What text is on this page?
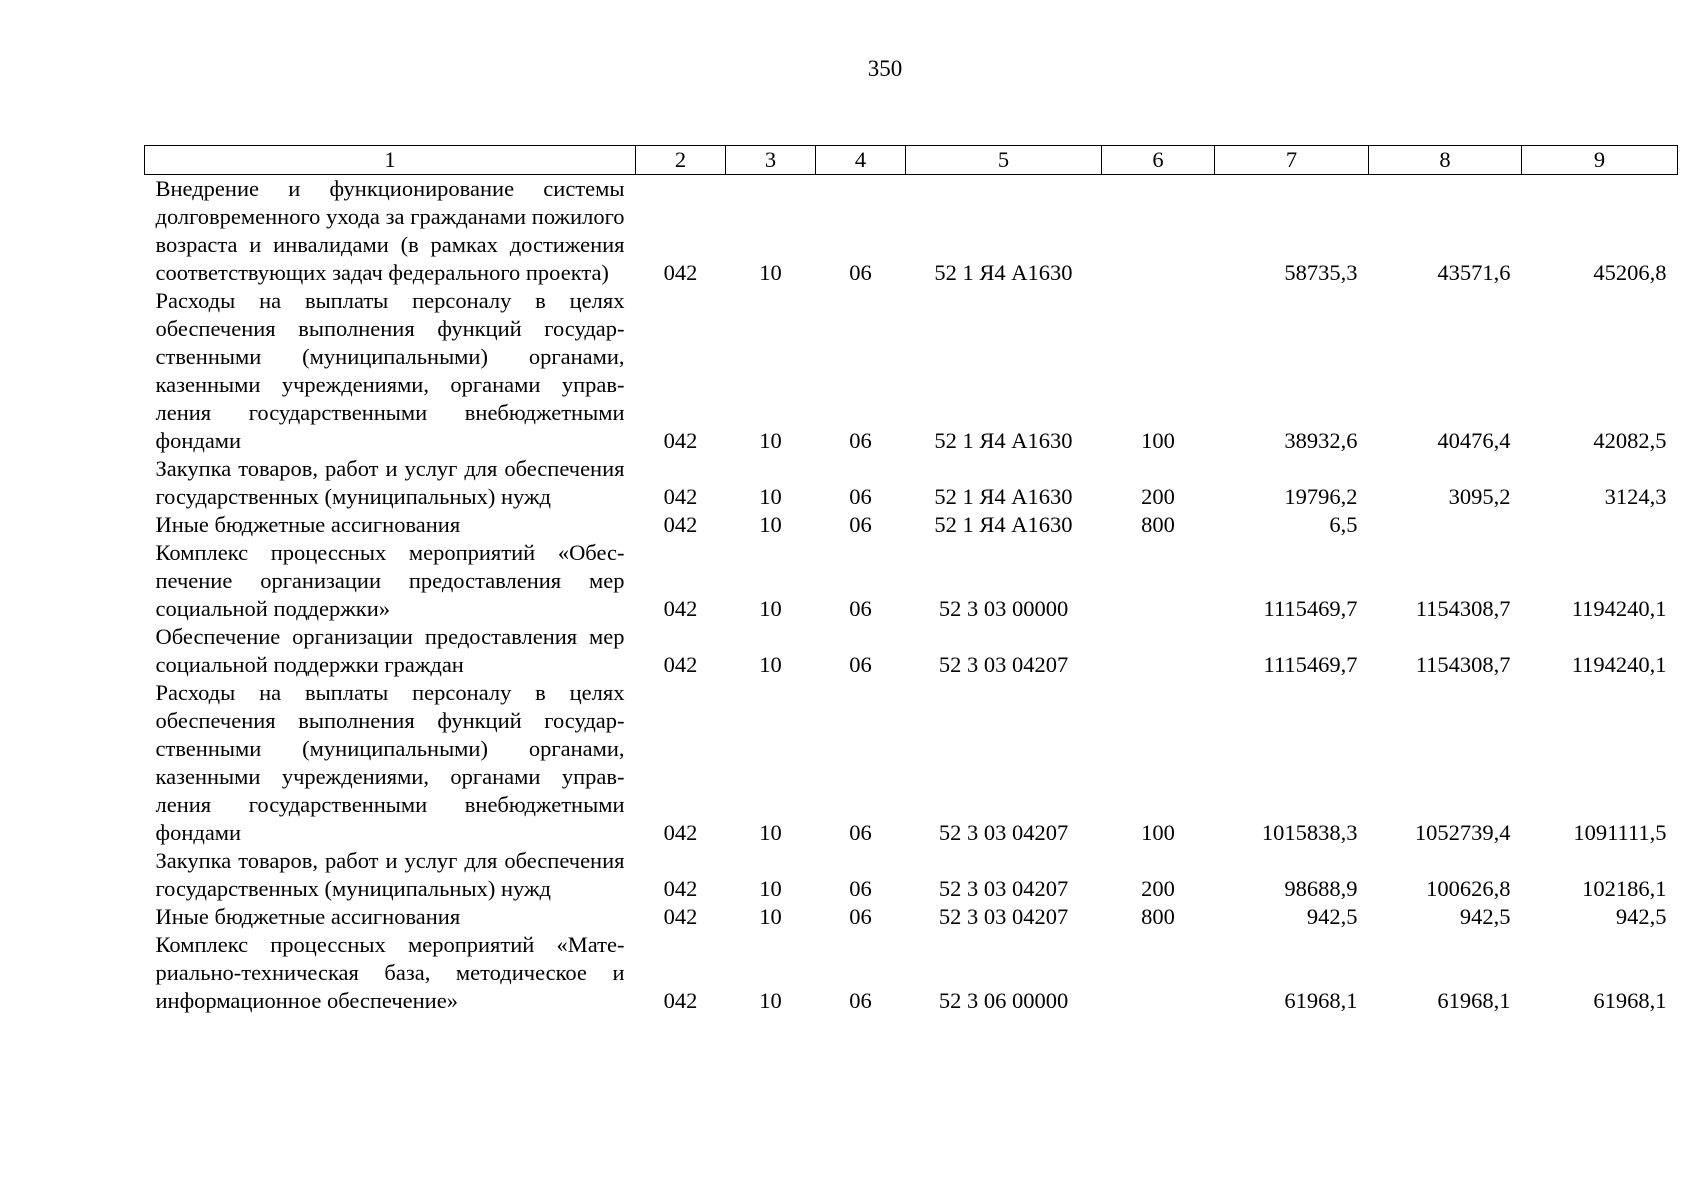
350
1	2	3	4	5	6	7	8	9
Внедрение и функционирование системы долговременного ухода за гражданами пожилого возраста и инвалидами (в рамках достижения соответствующих задач федерального проекта)	042	10	06	52 1 Я4 А1630		58735,3	43571,6	45206,8
Расходы на выплаты персоналу в целях обеспечения выполнения функций государственными (муниципальными) органами, казенными учреждениями, органами управления государственными внебюджетными фондами	042	10	06	52 1 Я4 А1630	100	38932,6	40476,4	42082,5
Закупка товаров, работ и услуг для обеспечения государственных (муниципальных) нужд	042	10	06	52 1 Я4 А1630	200	19796,2	3095,2	3124,3
Иные бюджетные ассигнования	042	10	06	52 1 Я4 А1630	800	6,5		
Комплекс процессных мероприятий «Обеспечение организации предоставления мер социальной поддержки»	042	10	06	52 3 03 00000		1115469,7	1154308,7	1194240,1
Обеспечение организации предоставления мер социальной поддержки граждан	042	10	06	52 3 03 04207		1115469,7	1154308,7	1194240,1
Расходы на выплаты персоналу в целях обеспечения выполнения функций государственными (муниципальными) органами, казенными учреждениями, органами управления государственными внебюджетными фондами	042	10	06	52 3 03 04207	100	1015838,3	1052739,4	1091111,5
Закупка товаров, работ и услуг для обеспечения государственных (муниципальных) нужд	042	10	06	52 3 03 04207	200	98688,9	100626,8	102186,1
Иные бюджетные ассигнования	042	10	06	52 3 03 04207	800	942,5	942,5	942,5
Комплекс процессных мероприятий «Материально-техническая база, методическое и информационное обеспечение»	042	10	06	52 3 06 00000		61968,1	61968,1	61968,1
